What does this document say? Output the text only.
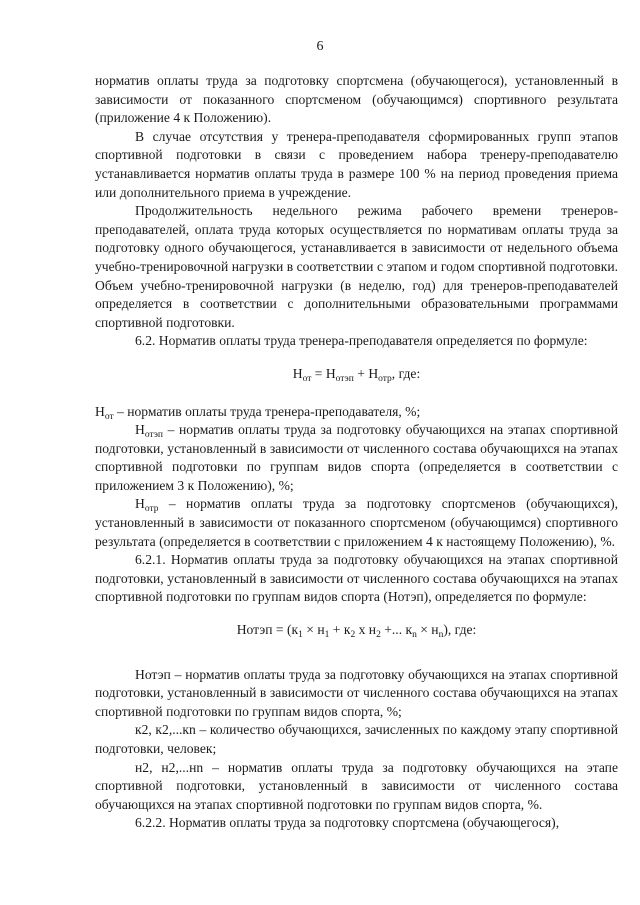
6

норматив оплаты труда за подготовку спортсмена (обучающегося), установленный в зависимости от показанного спортсменом (обучающимся) спортивного результата (приложение 4 к Положению).

В случае отсутствия у тренера-преподавателя сформированных групп этапов спортивной подготовки в связи с проведением набора тренеру-преподавателю устанавливается норматив оплаты труда в размере 100 % на период проведения приема или дополнительного приема в учреждение.

Продолжительность недельного режима рабочего времени тренеров-преподавателей, оплата труда которых осуществляется по нормативам оплаты труда за подготовку одного обучающегося, устанавливается в зависимости от недельного объема учебно-тренировочной нагрузки в соответствии с этапом и годом спортивной подготовки. Объем учебно-тренировочной нагрузки (в неделю, год) для тренеров-преподавателей определяется в соответствии с дополнительными образовательными программами спортивной подготовки.

6.2. Норматив оплаты труда тренера-преподавателя определяется по формуле:

$Н_{от} = Н_{отэп} + Н_{отр}$, где:

$Н_{от}$ – норматив оплаты труда тренера-преподавателя, %;

$Н_{отэп}$ – норматив оплаты труда за подготовку обучающихся на этапах спортивной подготовки, установленный в зависимости от численного состава обучающихся на этапах спортивной подготовки по группам видов спорта (определяется в соответствии с приложением 3 к Положению), %;

$Н_{отр}$ – норматив оплаты труда за подготовку спортсменов (обучающихся), установленный в зависимости от показанного спортсменом (обучающимся) спортивного результата (определяется в соответствии с приложением 4 к настоящему Положению), %.

6.2.1. Норматив оплаты труда за подготовку обучающихся на этапах спортивной подготовки, установленный в зависимости от численного состава обучающихся на этапах спортивной подготовки по группам видов спорта (Нотэп), определяется по формуле:

Нотэп = ($к_1 \times н_1 + к_2$ х $н_2$ +... $к_n \times н_n$), где:

Нотэп – норматив оплаты труда за подготовку обучающихся на этапах спортивной подготовки, установленный в зависимости от численного состава обучающихся на этапах спортивной подготовки по группам видов спорта, %;

к2, к2,...кn – количество обучающихся, зачисленных по каждому этапу спортивной подготовки, человек;

н2, н2,...нn – норматив оплаты труда за подготовку обучающихся на этапе спортивной подготовки, установленный в зависимости от численного состава обучающихся на этапах спортивной подготовки по группам видов спорта, %.

6.2.2. Норматив оплаты труда за подготовку спортсмена (обучающегося),
